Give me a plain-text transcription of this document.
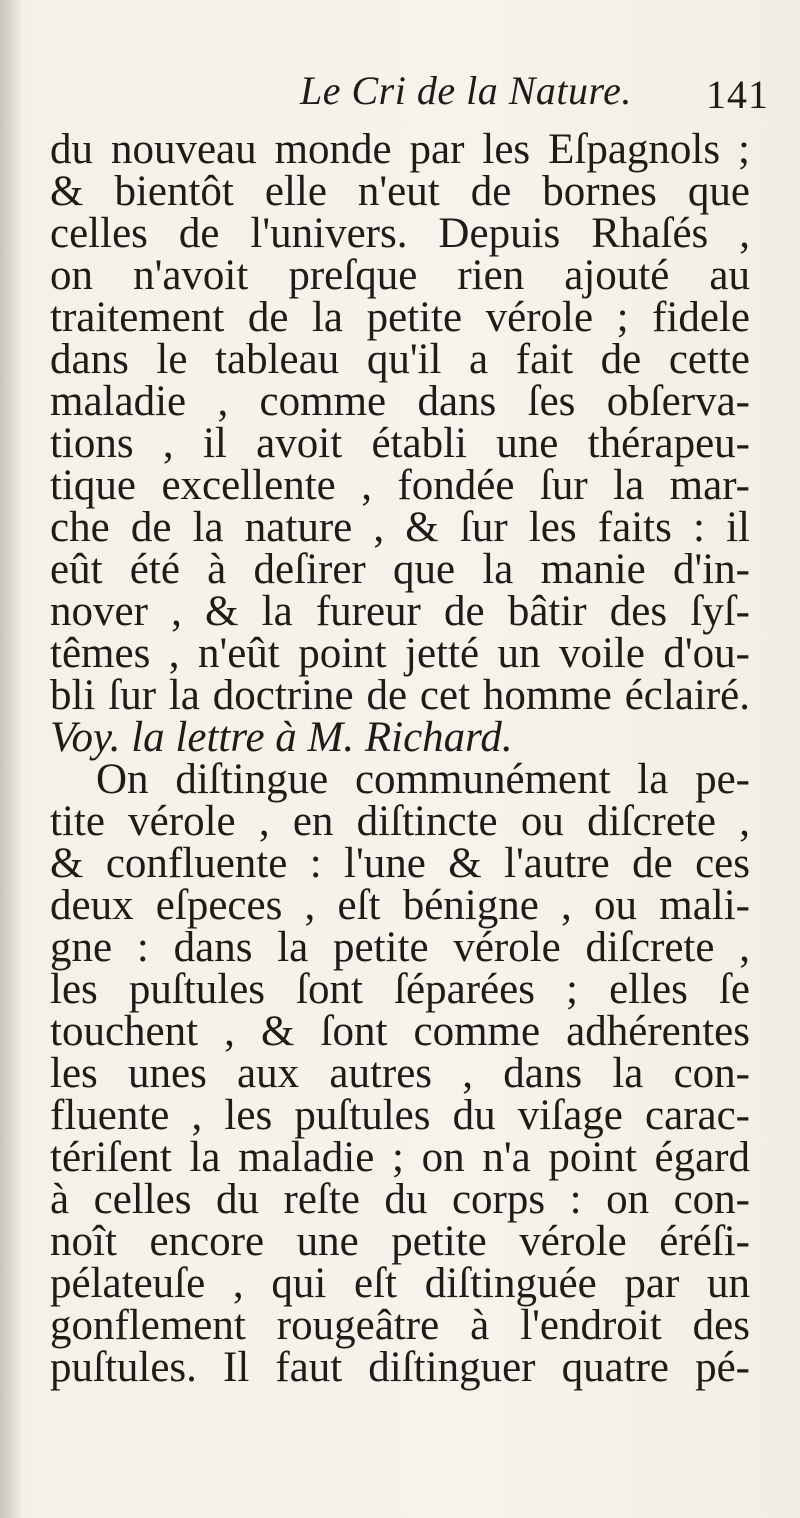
Le Cri de la Nature. 141
du nouveau monde par les Eſpagnols ;
& bientôt elle n'eut de bornes que
celles de l'univers. Depuis Rhaſés ,
on n'avoit preſque rien ajouté au
traitement de la petite vérole ; fidele
dans le tableau qu'il a fait de cette
maladie , comme dans ſes obſerva-
tions , il avoit établi une thérapeu-
tique excellente , fondée ſur la mar-
che de la nature , & ſur les faits : il
eût été à deſirer que la manie d'in-
nover , & la fureur de bâtir des ſyſ-
têmes , n'eût point jetté un voile d'ou-
bli ſur la doctrine de cet homme éclairé.
Voy. la lettre à M. Richard.
On diſtingue communément la pe-
tite vérole , en diſtincte ou diſcrete ,
& confluente : l'une & l'autre de ces
deux eſpeces , eſt bénigne , ou mali-
gne : dans la petite vérole diſcrete ,
les puſtules ſont ſéparées ; elles ſe
touchent , & ſont comme adhérentes
les unes aux autres , dans la con-
fluente , les puſtules du viſage carac-
tériſent la maladie ; on n'a point égard
à celles du reſte du corps : on con-
noît encore une petite vérole éréſi-
pélateuſe , qui eſt diſtinguée par un
gonflement rougeâtre à l'endroit des
puſtules. Il faut diſtinguer quatre pé-
